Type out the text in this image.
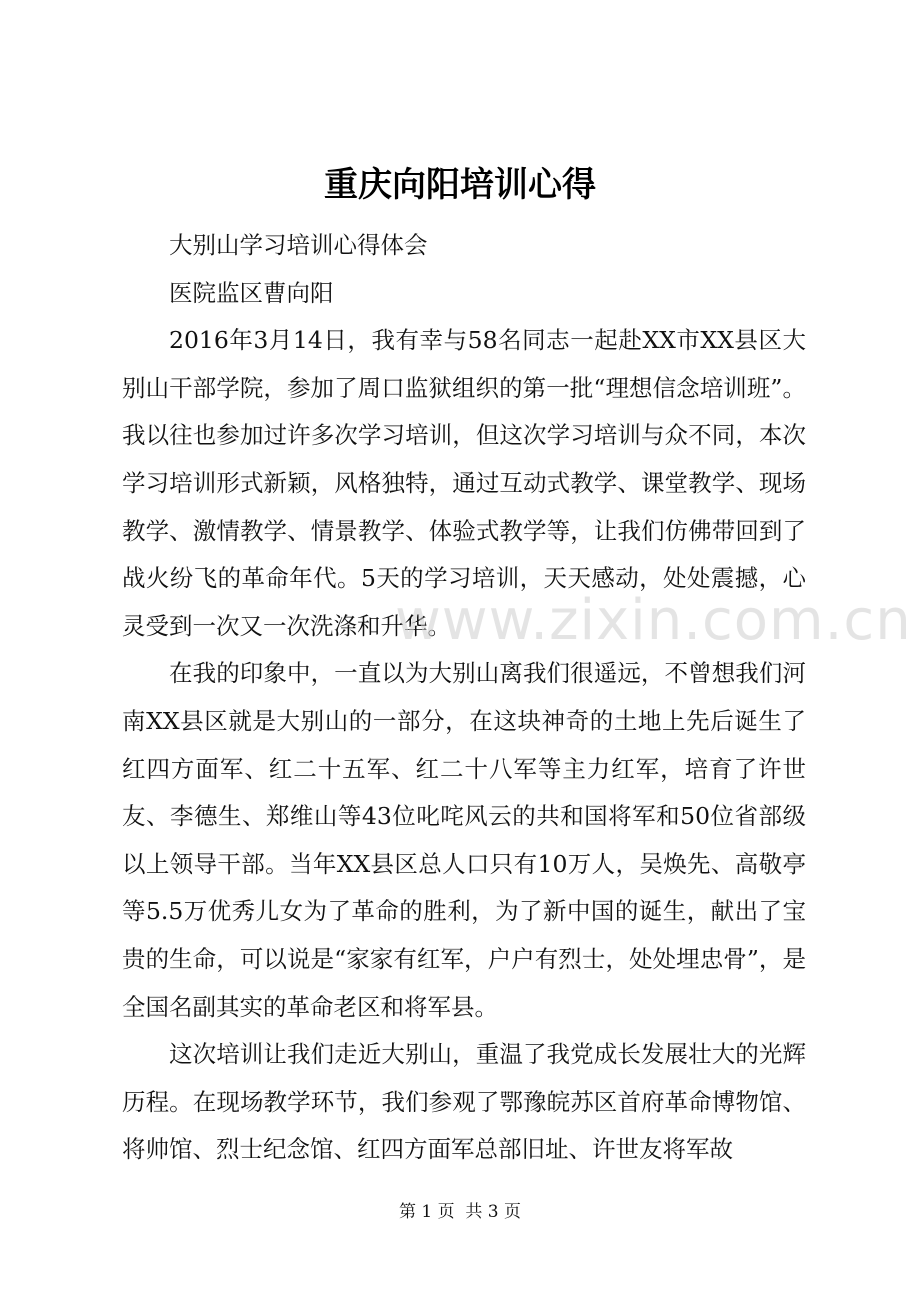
重庆向阳培训心得

大别山学习培训心得体会

医院监区曹向阳

2016年3月14日，我有幸与58名同志一起赴XX市XX县区大别山干部学院，参加了周口监狱组织的第一批“理想信念培训班”。我以往也参加过许多次学习培训，但这次学习培训与众不同，本次学习培训形式新颖，风格独特，通过互动式教学、课堂教学、现场教学、激情教学、情景教学、体验式教学等，让我们仿佛带回到了战火纷飞的革命年代。5天的学习培训，天天感动，处处震撼，心灵受到一次又一次洗涤和升华。

在我的印象中，一直以为大别山离我们很遥远，不曾想我们河南XX县区就是大别山的一部分，在这块神奇的土地上先后诞生了红四方面军、红二十五军、红二十八军等主力红军，培育了许世友、李德生、郑维山等43位叱咤风云的共和国将军和50位省部级以上领导干部。当年XX县区总人口只有10万人，吴焕先、高敬亭等5.5万优秀儿女为了革命的胜利，为了新中国的诞生，献出了宝贵的生命，可以说是“家家有红军，户户有烈士，处处埋忠骨”，是全国名副其实的革命老区和将军县。

这次培训让我们走近大别山，重温了我党成长发展壮大的光辉历程。在现场教学环节，我们参观了鄂豫皖苏区首府革命博物馆、将帅馆、烈士纪念馆、红四方面军总部旧址、许世友将军故

www.zixin.com.cn
第 1 页  共 3 页
